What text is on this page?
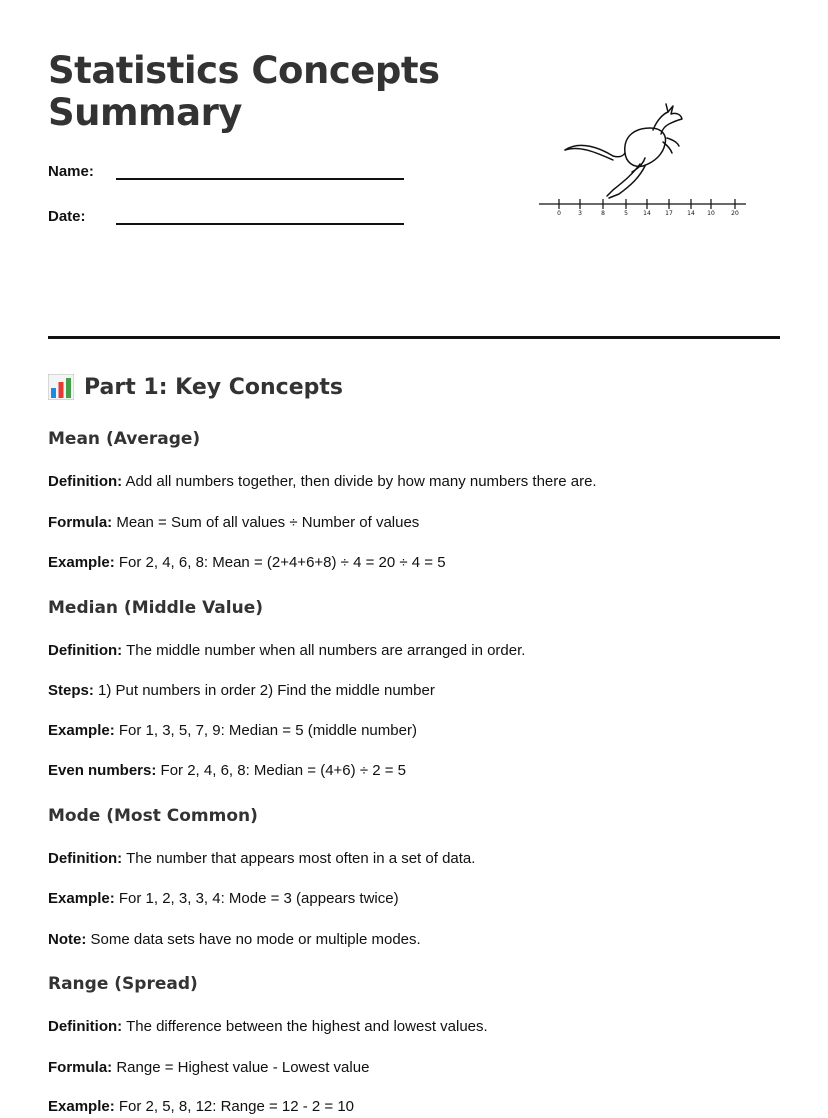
Statistics Concepts
Summary
Name:
Date:	0	3	8	5	14 17 14 10	20
Part 1: Key Concepts
Mean (Average)

Definition: Add all numbers together, then divide by how many numbers there are.

Formula: Mean = Sum of all values ÷ Number of values

Example: For 2, 4, 6, 8: Mean = (2+4+6+8) ÷ 4 = 20 ÷ 4 = 5

Median (Middle Value)

Definition: The middle number when all numbers are arranged in order.

Steps: 1) Put numbers in order 2) Find the middle number

Example: For 1, 3, 5, 7, 9: Median = 5 (middle number)

Even numbers: For 2, 4, 6, 8: Median = (4+6) ÷ 2 = 5

Mode (Most Common)

Definition: The number that appears most often in a set of data.

Example: For 1, 2, 3, 3, 4: Mode = 3 (appears twice)

Note: Some data sets have no mode or multiple modes.

Range (Spread)

Definition: The difference between the highest and lowest values.

Formula: Range = Highest value - Lowest value

Example: For 2, 5, 8, 12: Range = 12 - 2 = 10
